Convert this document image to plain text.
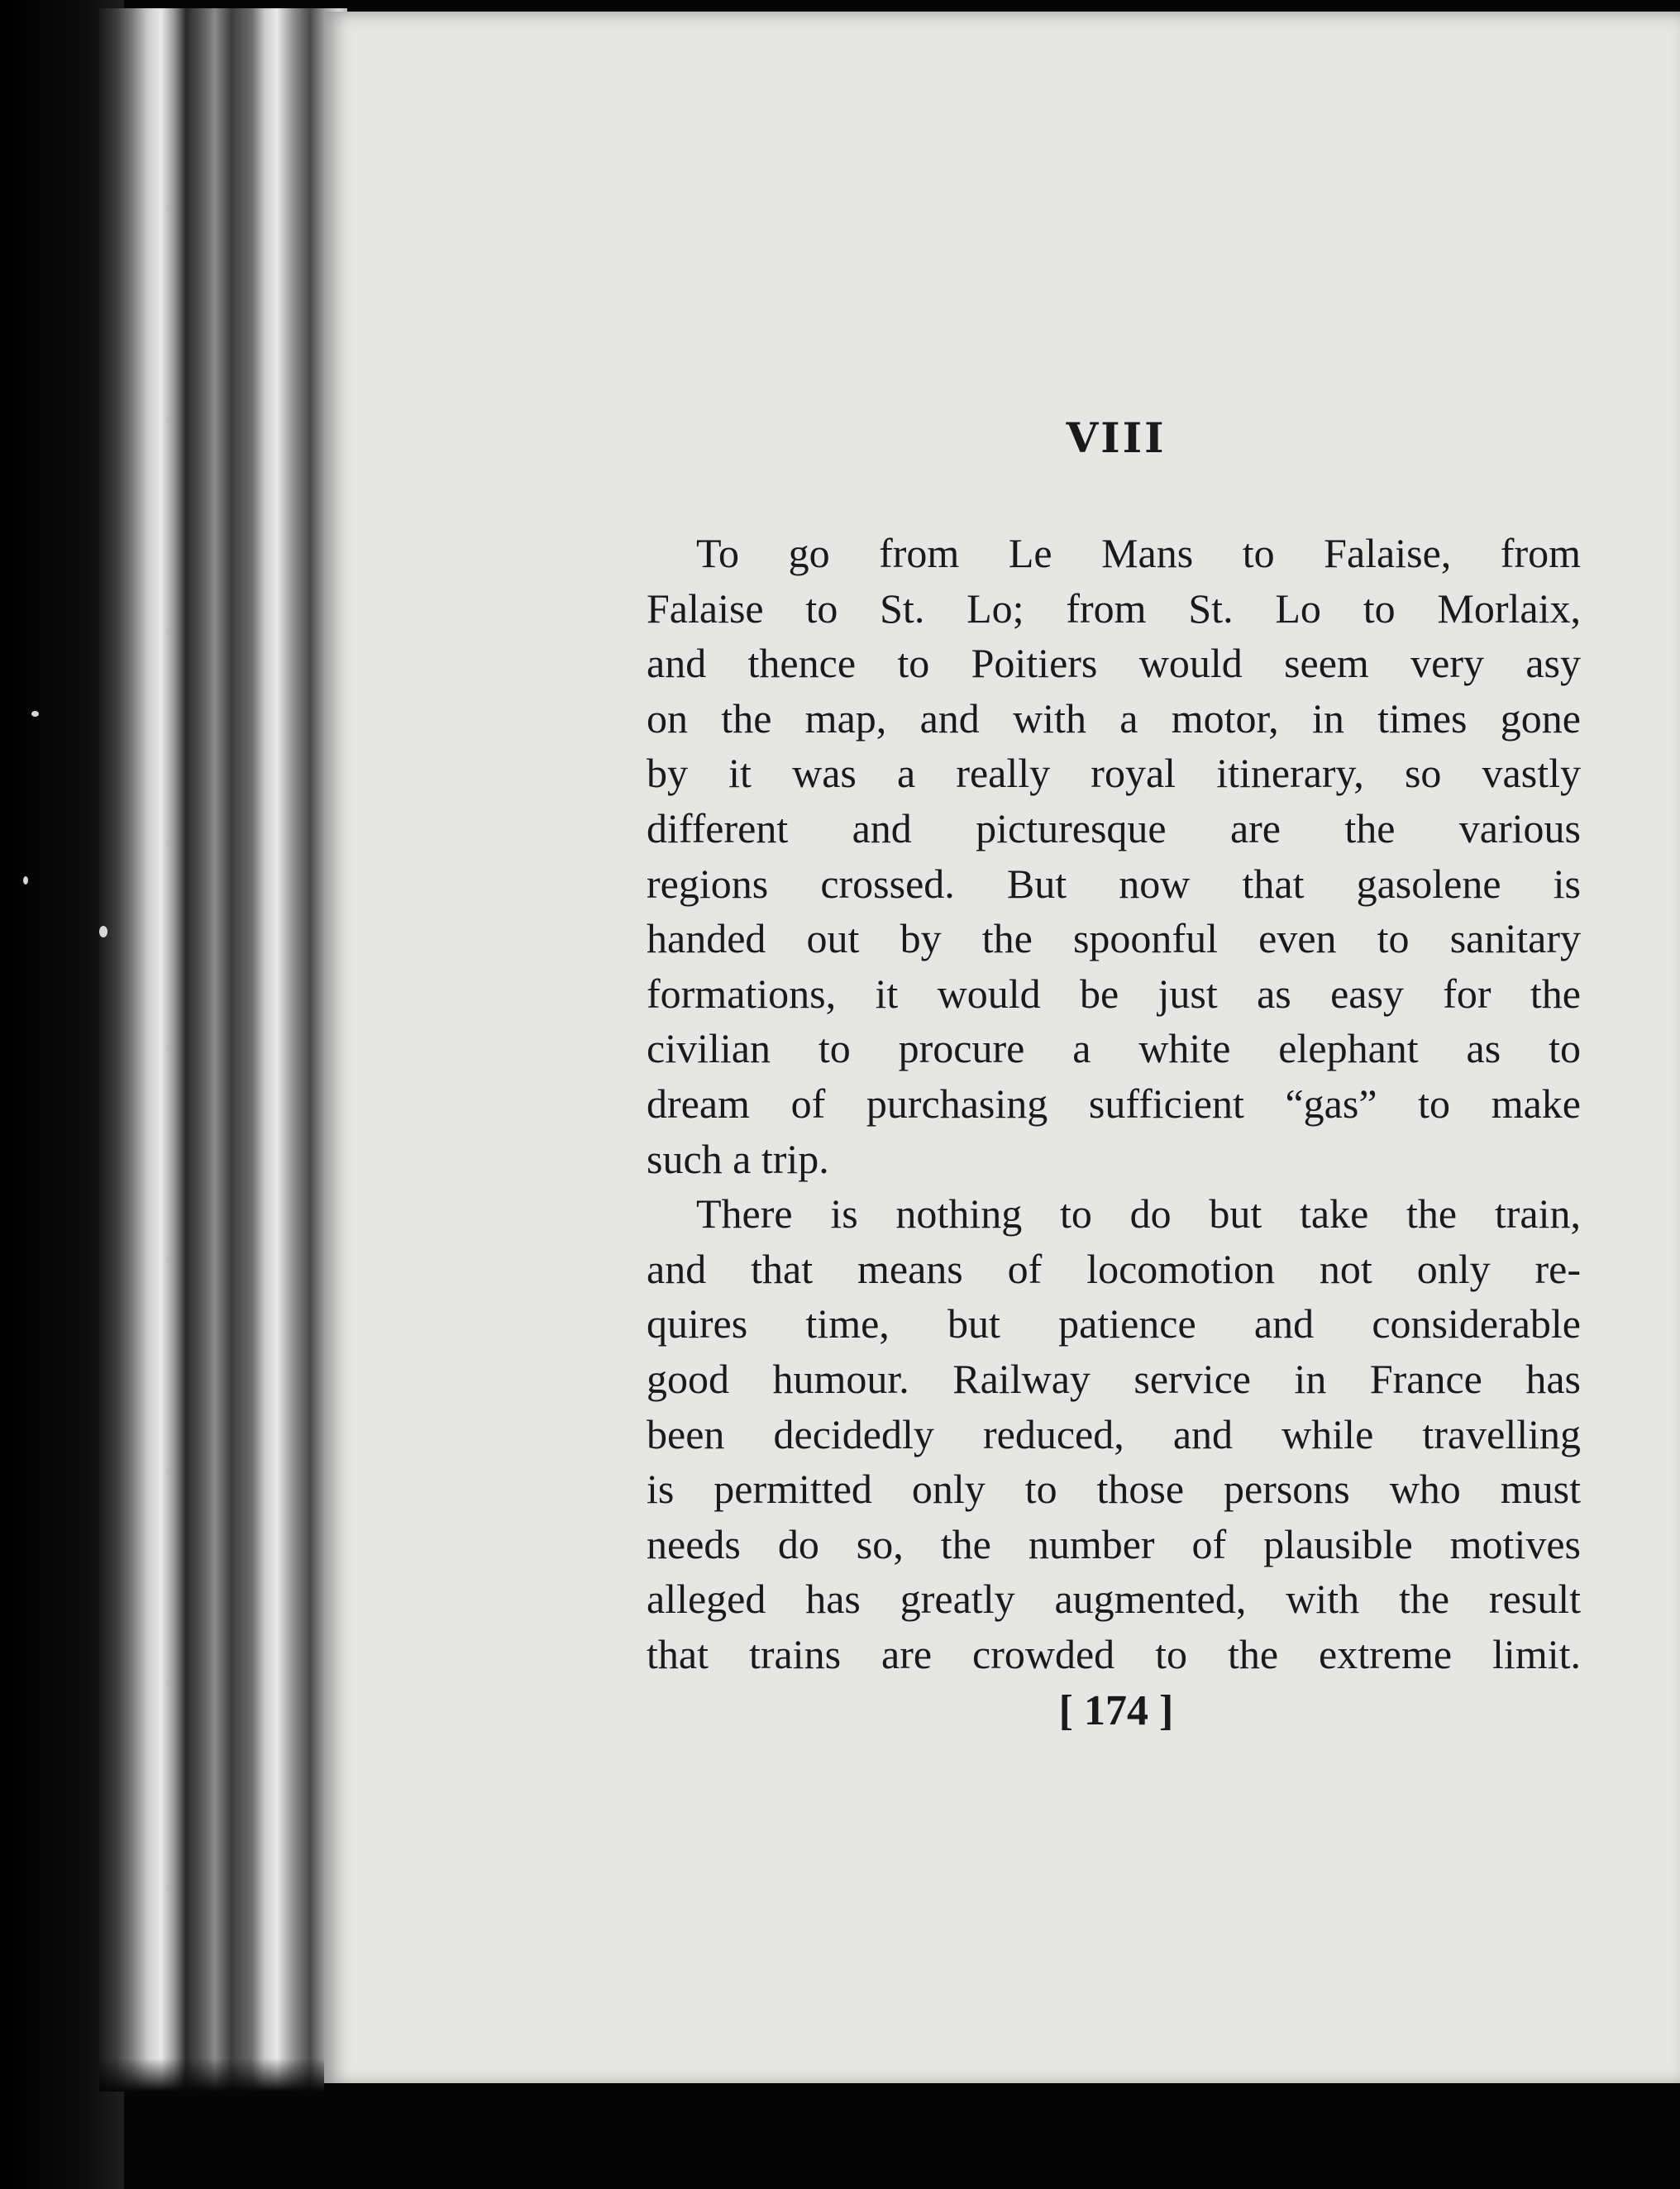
VIII

To go from Le Mans to Falaise, from
Falaise to St. Lo; from St. Lo to Morlaix,
and thence to Poitiers would seem very аsy
on the map, and with a motor, in times gone
by it was a really royal itinerary, so vastly
different and picturesque are the various
regions crossed. But now that gasolene is
handed out by the spoonful even to sanitary
formations, it would be just as easy for the
civilian to procure a white elephant as to
dream of purchasing sufficient “gas” to make
such a trip.

There is nothing to do but take the train,
and that means of locomotion not only re-
quires time, but patience and considerable
good humour. Railway service in France has
been decidedly reduced, and while travelling
is permitted only to those persons who must
needs do so, the number of plausible motives
alleged has greatly augmented, with the result
that trains are crowded to the extreme limit.

[ 174 ]
